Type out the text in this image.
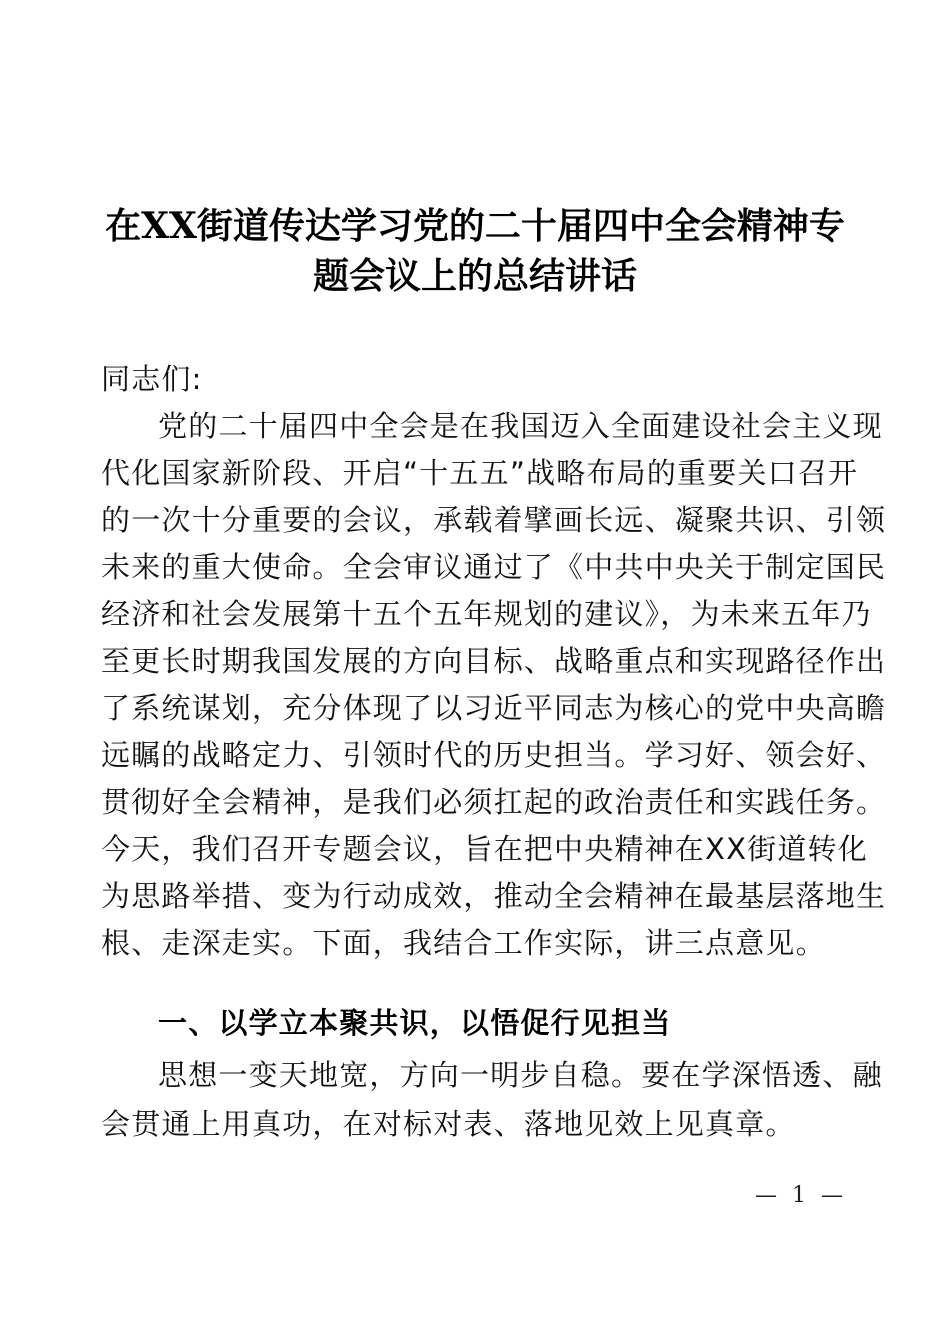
在XX街道传达学习党的二十届四中全会精神专
题会议上的总结讲话
同志们:
党的二十届四中全会是在我国迈入全面建设社会主义现
代化国家新阶段、开启“十五五”战略布局的重要关口召开
的一次十分重要的会议，承载着擘画长远、凝聚共识、引领
未来的重大使命。全会审议通过了《中共中央关于制定国民
经济和社会发展第十五个五年规划的建议》，为未来五年乃
至更长时期我国发展的方向目标、战略重点和实现路径作出
了系统谋划，充分体现了以习近平同志为核心的党中央高瞻
远瞩的战略定力、引领时代的历史担当。学习好、领会好、
贯彻好全会精神，是我们必须扛起的政治责任和实践任务。
今天，我们召开专题会议，旨在把中央精神在XX街道转化
为思路举措、变为行动成效，推动全会精神在最基层落地生
根、走深走实。下面，我结合工作实际，讲三点意见。
一、以学立本聚共识，以悟促行见担当
思想一变天地宽，方向一明步自稳。要在学深悟透、融
会贯通上用真功，在对标对表、落地见效上见真章。
— 1 —
